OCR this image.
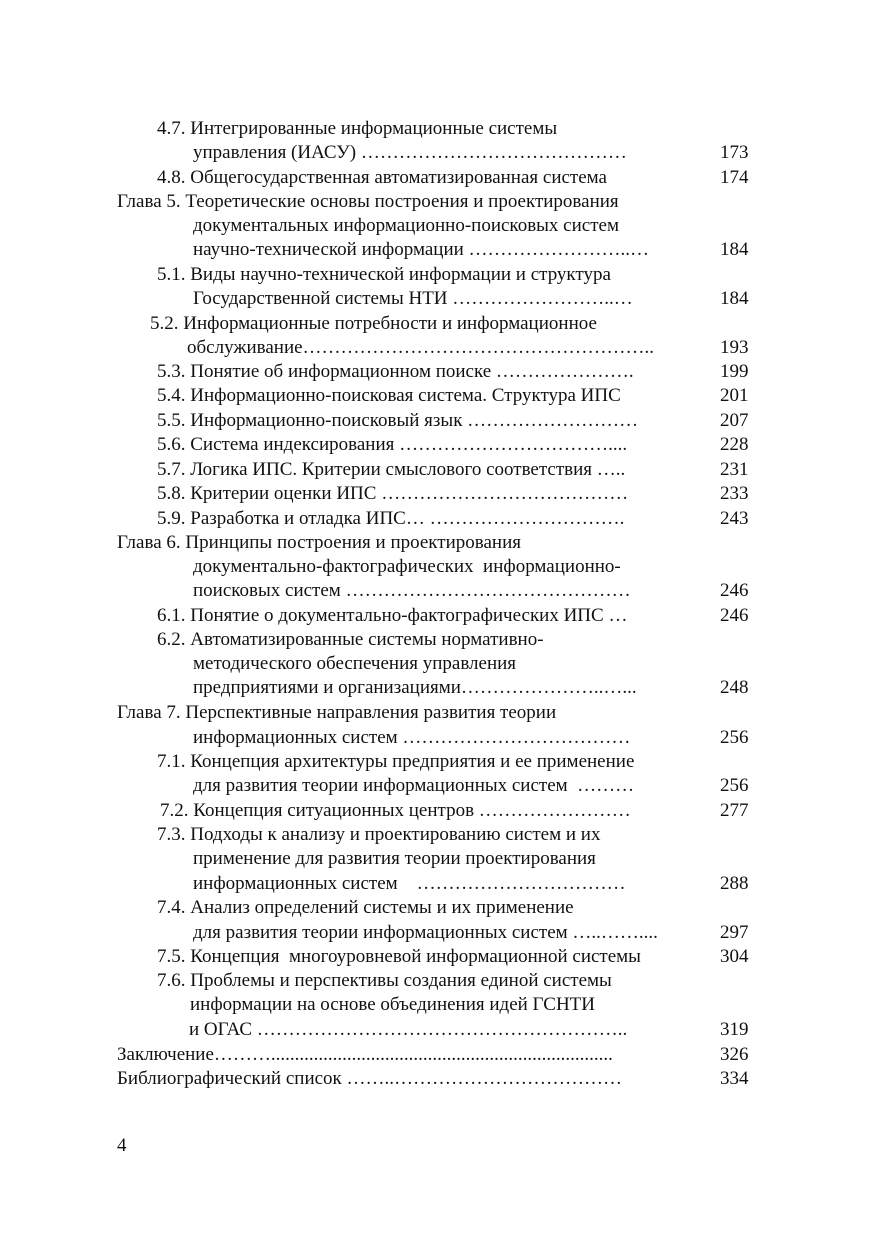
4.7. Интегрированные информационные системы
управления (ИАСУ) ……………………………………	173
4.8. Общегосударственная автоматизированная система	174
Глава 5. Теоретические основы построения и проектирования
документальных информационно-поисковых систем
научно-технической информации ……………………..…	184
5.1. Виды научно-технической информации и структура
Государственной системы НТИ ……………………..…	184
5.2. Информационные потребности и информационное
обслуживание………………………………………………..	193
5.3. Понятие об информационном поиске ………………….	199
5.4. Информационно-поисковая система. Структура ИПС	201
5.5. Информационно-поисковый язык ………………………	207
5.6. Система индексирования ……………………………....	228
5.7. Логика ИПС. Критерии смыслового соответствия …..	231
5.8. Критерии оценки ИПС …………………………………	233
5.9. Разработка и отладка ИПС… ………………………….	243
Глава 6. Принципы построения и проектирования
документально-фактографических  информационно-
поисковых систем ………………………………………	246
6.1. Понятие о документально-фактографических ИПС …	246
6.2. Автоматизированные системы нормативно-
методического обеспечения управления
предприятиями и организациями…………………..…...	248
Глава 7. Перспективные направления развития теории
информационных систем ………………………………	256
7.1. Концепция архитектуры предприятия и ее применение
для развития теории информационных систем  ………	256
7.2. Концепция ситуационных центров ……………………	277
7.3. Подходы к анализу и проектированию систем и их
применение для развития теории проектирования
информационных систем    ……………………………	288
7.4. Анализ определений системы и их применение
для развития теории информационных систем …..……....	297
7.5. Концепция  многоуровневой информационной системы	304
7.6. Проблемы и перспективы создания единой системы
информации на основе объединения идей ГСНТИ
и ОГАС …………………………………………………..	319
Заключение………........................................................................	326
Библиографический список ……..………………………………	334
4
